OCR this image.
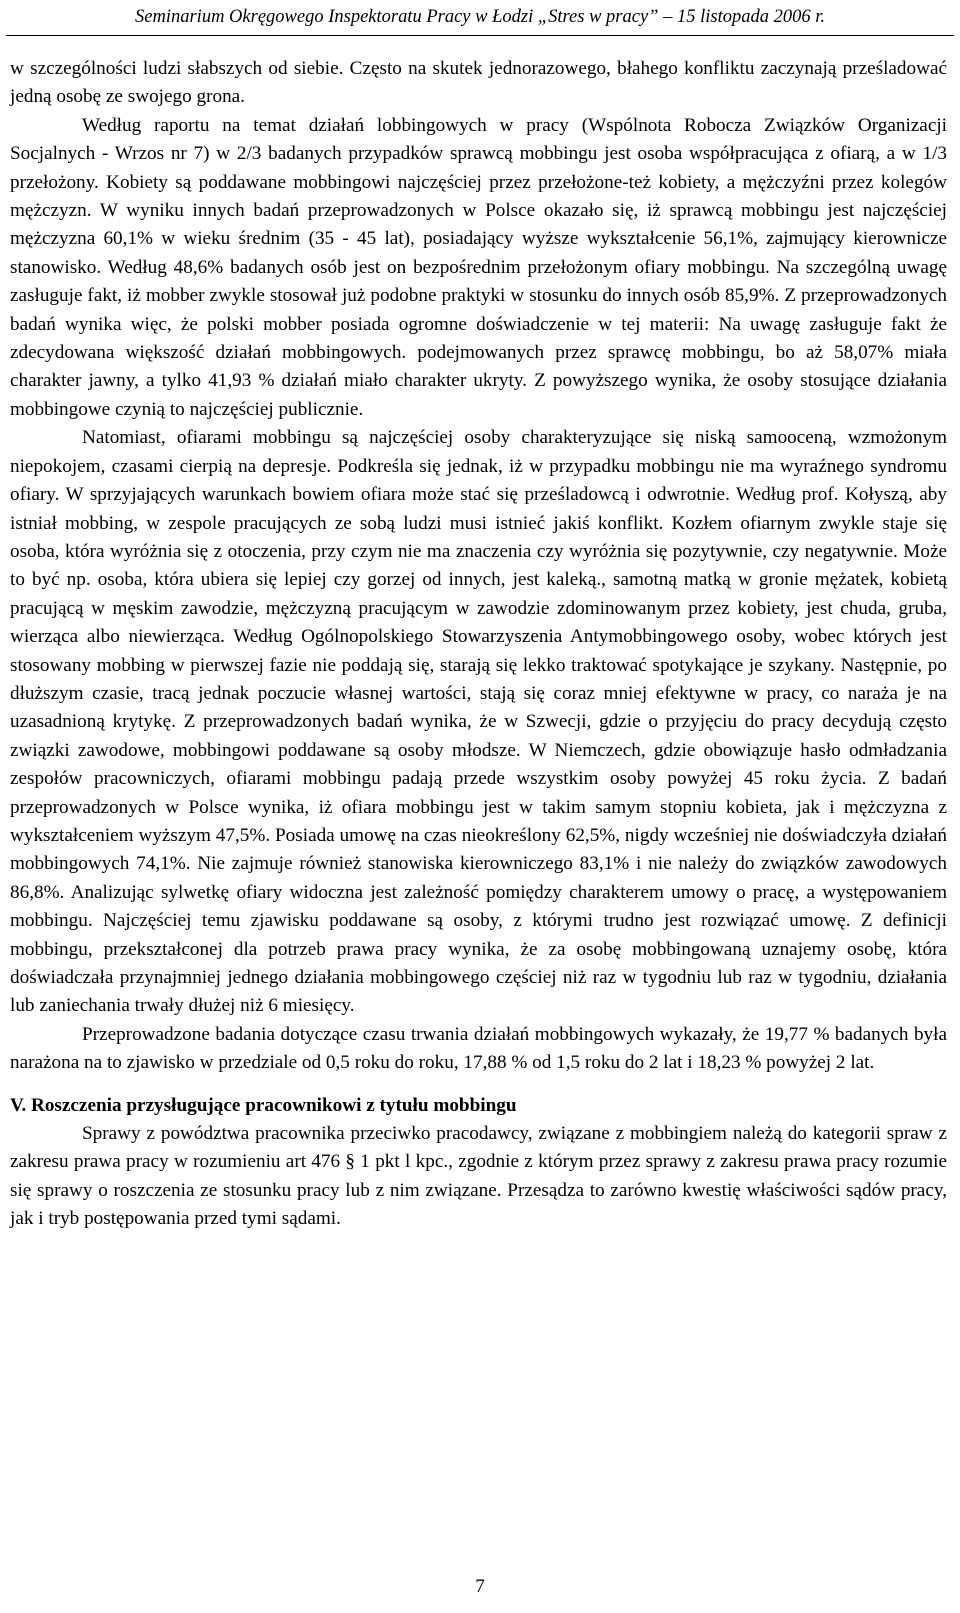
Seminarium Okręgowego Inspektoratu Pracy w Łodzi „Stres w pracy” – 15 listopada 2006 r.

w szczególności ludzi słabszych od siebie. Często na skutek jednorazowego, błahego konfliktu zaczynają prześladować jedną osobę ze swojego grona.

Według raportu na temat działań lobbingowych w pracy (Wspólnota Robocza Związków Organizacji Socjalnych - Wrzos nr 7) w 2/3 badanych przypadków sprawcą mobbingu jest osoba współpracująca z ofiarą, a w 1/3 przełożony. Kobiety są poddawane mobbingowi najczęściej przez przełożone-też kobiety, a mężczyźni przez kolegów mężczyzn. W wyniku innych badań przeprowadzonych w Polsce okazało się, iż sprawcą mobbingu jest najczęściej mężczyzna 60,1% w wieku średnim (35 - 45 lat), posiadający wyższe wykształcenie 56,1%, zajmujący kierownicze stanowisko. Według 48,6% badanych osób jest on bezpośrednim przełożonym ofiary mobbingu. Na szczególną uwagę zasługuje fakt, iż mobber zwykle stosował już podobne praktyki w stosunku do innych osób 85,9%. Z przeprowadzonych badań wynika więc, że polski mobber posiada ogromne doświadczenie w tej materii: Na uwagę zasługuje fakt że zdecydowana większość działań mobbingowych. podejmowanych przez sprawcę mobbingu, bo aż 58,07% miała charakter jawny, a tylko 41,93 % działań miało charakter ukryty. Z powyższego wynika, że osoby stosujące działania mobbingowe czynią to najczęściej publicznie.

Natomiast, ofiarami mobbingu są najczęściej osoby charakteryzujące się niską samooceną, wzmożonym niepokojem, czasami cierpią na depresje. Podkreśla się jednak, iż w przypadku mobbingu nie ma wyraźnego syndromu ofiary. W sprzyjających warunkach bowiem ofiara może stać się prześladowcą i odwrotnie. Według prof. Kołyszą, aby istniał mobbing, w zespole pracujących ze sobą ludzi musi istnieć jakiś konflikt. Kozłem ofiarnym zwykle staje się osoba, która wyróżnia się z otoczenia, przy czym nie ma znaczenia czy wyróżnia się pozytywnie, czy negatywnie. Może to być np. osoba, która ubiera się lepiej czy gorzej od innych, jest kaleką., samotną matką w gronie mężatek, kobietą pracującą w męskim zawodzie, mężczyzną pracującym w zawodzie zdominowanym przez kobiety, jest chuda, gruba, wierząca albo niewierząca. Według Ogólnopolskiego Stowarzyszenia Antymobbingowego osoby, wobec których jest stosowany mobbing w pierwszej fazie nie poddają się, starają się lekko traktować spotykające je szykany. Następnie, po dłuższym czasie, tracą jednak poczucie własnej wartości, stają się coraz mniej efektywne w pracy, co naraża je na uzasadnioną krytykę. Z przeprowadzonych badań wynika, że w Szwecji, gdzie o przyjęciu do pracy decydują często związki zawodowe, mobbingowi poddawane są osoby młodsze. W Niemczech, gdzie obowiązuje hasło odmładzania zespołów pracowniczych, ofiarami mobbingu padają przede wszystkim osoby powyżej 45 roku życia. Z badań przeprowadzonych w Polsce wynika, iż ofiara mobbingu jest w takim samym stopniu kobieta, jak i mężczyzna z wykształceniem wyższym 47,5%. Posiada umowę na czas nieokreślony 62,5%, nigdy wcześniej nie doświadczyła działań mobbingowych 74,1%. Nie zajmuje również stanowiska kierowniczego 83,1% i nie należy do związków zawodowych 86,8%. Analizując sylwetkę ofiary widoczna jest zależność pomiędzy charakterem umowy o pracę, a występowaniem mobbingu. Najczęściej temu zjawisku poddawane są osoby, z którymi trudno jest rozwiązać umowę. Z definicji mobbingu, przekształconej dla potrzeb prawa pracy wynika, że za osobę mobbingowaną uznajemy osobę, która doświadczała przynajmniej jednego działania mobbingowego częściej niż raz w tygodniu lub raz w tygodniu, działania lub zaniechania trwały dłużej niż 6 miesięcy.

Przeprowadzone badania dotyczące czasu trwania działań mobbingowych wykazały, że 19,77 % badanych była narażona na to zjawisko w przedziale od 0,5 roku do roku, 17,88 % od 1,5 roku do 2 lat i 18,23 % powyżej 2 lat.

V. Roszczenia przysługujące pracownikowi z tytułu mobbingu

Sprawy z powództwa pracownika przeciwko pracodawcy, związane z mobbingiem należą do kategorii spraw z zakresu prawa pracy w rozumieniu art 476 § 1 pkt l kpc., zgodnie z którym przez sprawy z zakresu prawa pracy rozumie się sprawy o roszczenia ze stosunku pracy lub z nim związane. Przesądza to zarówno kwestię właściwości sądów pracy, jak i tryb postępowania przed tymi sądami.

7
